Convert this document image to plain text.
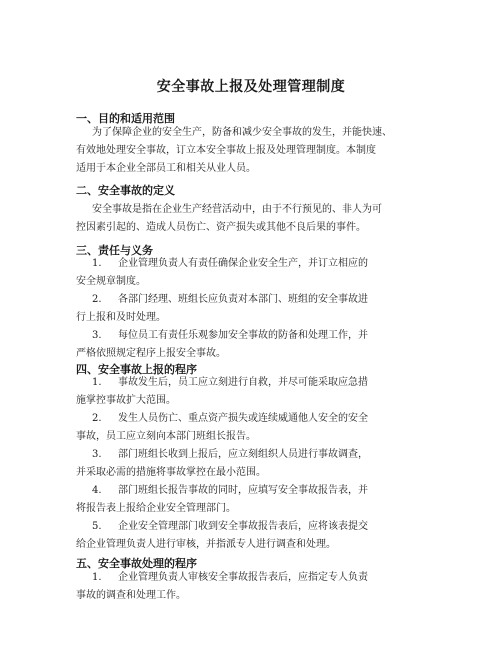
安全事故上报及处理管理制度
一、目的和适用范围
为了保障企业的安全生产，防备和减少安全事故的发生，并能快速、
有效地处理安全事故，订立本安全事故上报及处理管理制度。本制度
适用于本企业全部员工和相关从业人员。
二、安全事故的定义
安全事故是指在企业生产经营活动中，由于不行预见的、非人为可
控因素引起的、造成人员伤亡、资产损失或其他不良后果的事件。
三、责任与义务
1. 企业管理负责人有责任确保企业安全生产，并订立相应的
安全规章制度。
2. 各部门经理、班组长应负责对本部门、班组的安全事故进
行上报和及时处理。
3. 每位员工有责任乐观参加安全事故的防备和处理工作，并
严格依照规定程序上报安全事故。
四、安全事故上报的程序
1. 事故发生后，员工应立刻进行自救，并尽可能采取应急措
施掌控事故扩大范围。
2. 发生人员伤亡、重点资产损失或连续威通他人安全的安全
事故，员工应立刻向本部门班组长报告。
3. 部门班组长收到上报后，应立刻组织人员进行事故调查，
并采取必需的措施将事故掌控在最小范围。
4. 部门班组长报告事故的同时，应填写安全事故报告表，并
将报告表上报给企业安全管理部门。
5. 企业安全管理部门收到安全事故报告表后，应将该表提交
给企业管理负责人进行审核，并指派专人进行调查和处理。
五、安全事故处理的程序
1. 企业管理负责人审核安全事故报告表后，应指定专人负责
事故的调查和处理工作。
